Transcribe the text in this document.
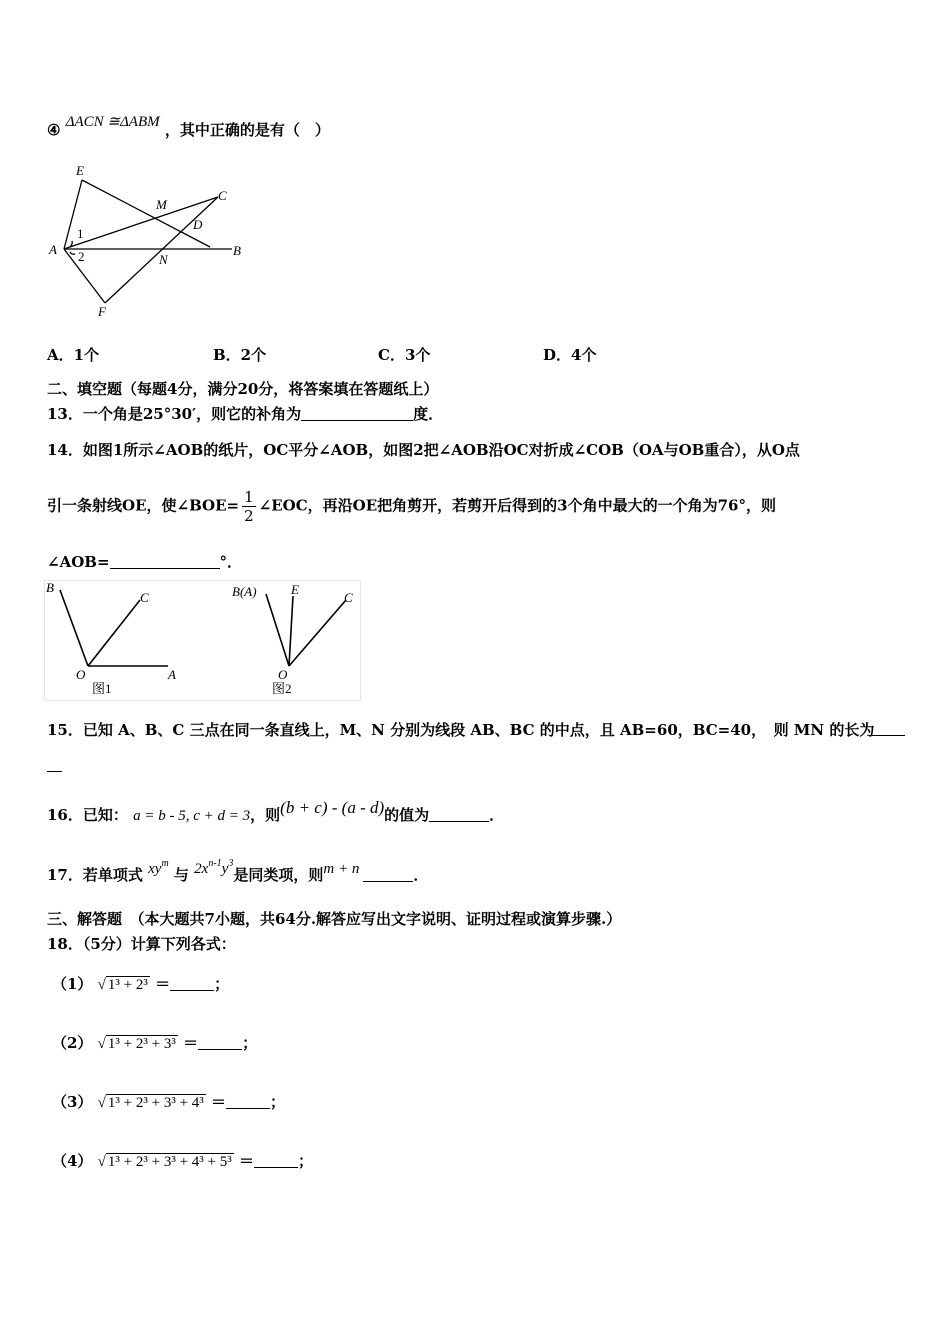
④ ΔACN ≅ΔABM ，其中正确的是有（　）
E
C
M
D
1
A 2	N
B
F
A．1个	B．2个	C．3个	D．4个
二、填空题（每题4分，满分20分，将答案填在答题纸上）
13．一个角是25°30′，则它的补角为	度．
14．如图1所示∠AOB的纸片，OC平分∠AOB，如图2把∠AOB沿OC对折成∠COB（OA与OB重合），从O点
引一条射线OE，使∠BOE= $\frac{1}{2}$ ∠EOC，再沿OE把角剪开，若剪开后得到的3个角中最大的一个角为76°，则
∠AOB=	°．
B
C
O	A
图1
B(A)	E
C
O
图2
15．已知 A、B、C 三点在同一条直线上，M、N 分别为线段 AB、BC 的中点，且 AB=60，BC=40，　则 MN 的长为
16．已知： a = b - 5, c + d = 3，则(b + c) - (a - d)的值为	．
17．若单项式 $xy^m$ 与 $2x^{n-1}y^3$是同类项，则m + n	．
三、解答题　（本大题共7小题，共64分.解答应写出文字说明、证明过程或演算步骤.）
18．（5分）计算下列各式：
（1） √ 1³ + 2³ ＝	；
（2） √ 1³ + 2³ + 3³ ＝	；
（3） √ 1³ + 2³ + 3³ + 4³ ＝	；
（4） √ 1³ + 2³ + 3³ + 4³ + 5³ ＝	；
